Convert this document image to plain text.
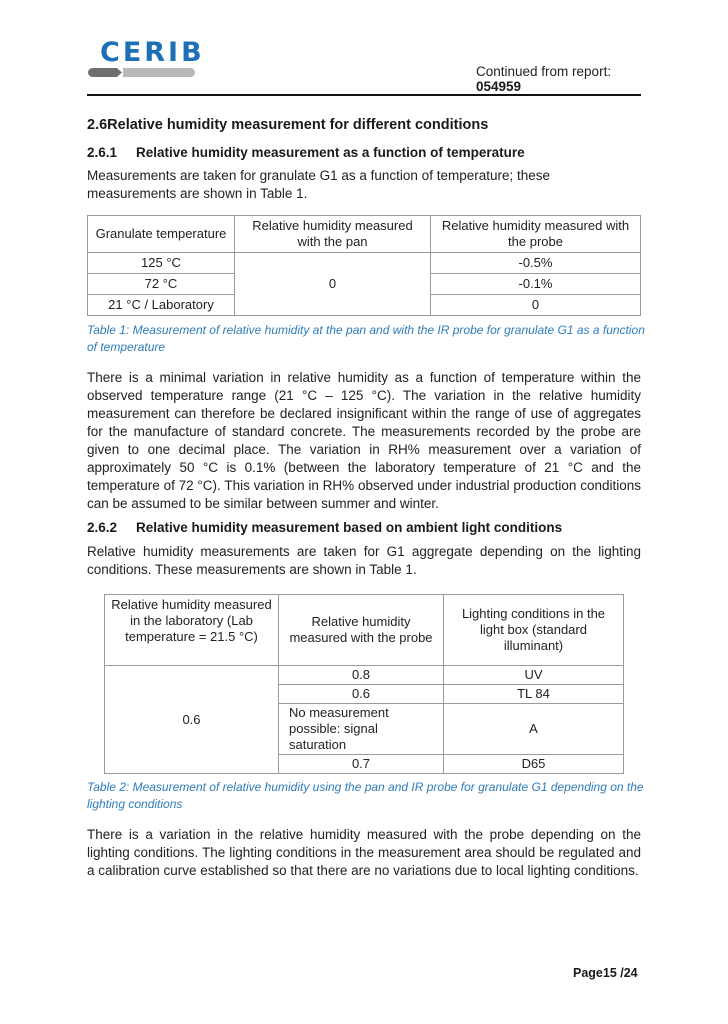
CERIB
Continued from report:
054959
2.6Relative humidity measurement for different conditions
2.6.1 Relative humidity measurement as a function of temperature

Measurements are taken for granulate G1 as a function of temperature; these measurements are shown in Table 1.

Granulate temperature	Relative humidity measured with the pan	Relative humidity measured with the probe
125 °C	0	-0.5%
72 °C		-0.1%
21 °C / Laboratory		0

Table 1: Measurement of relative humidity at the pan and with the IR probe for granulate G1 as a function of temperature

There is a minimal variation in relative humidity as a function of temperature within the observed temperature range (21 °C – 125 °C). The variation in the relative humidity measurement can therefore be declared insignificant within the range of use of aggregates for the manufacture of standard concrete. The measurements recorded by the probe are given to one decimal place. The variation in RH% measurement over a variation of approximately 50 °C is 0.1% (between the laboratory temperature of 21 °C and the temperature of 72 °C). This variation in RH% observed under industrial production conditions can be assumed to be similar between summer and winter.

2.6.2 Relative humidity measurement based on ambient light conditions

Relative humidity measurements are taken for G1 aggregate depending on the lighting conditions. These measurements are shown in Table 1.

Relative humidity measured in the laboratory (Lab temperature = 21.5 °C)	Relative humidity measured with the probe	Lighting conditions in the light box (standard illuminant)
0.6	0.8	UV
	0.6	TL 84
	No measurement possible: signal saturation	A
	0.7	D65

Table 2: Measurement of relative humidity using the pan and IR probe for granulate G1 depending on the lighting conditions

There is a variation in the relative humidity measured with the probe depending on the lighting conditions. The lighting conditions in the measurement area should be regulated and a calibration curve established so that there are no variations due to local lighting conditions.

Page15 /24
